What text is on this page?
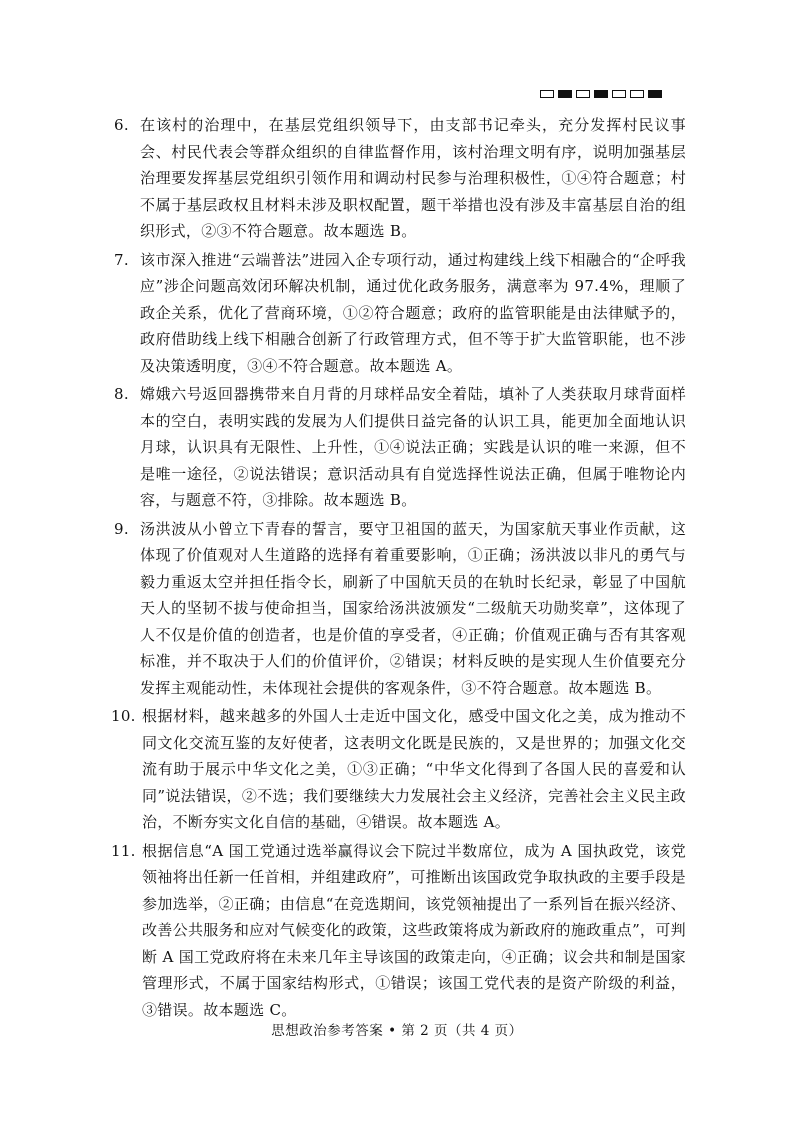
6. 在该村的治理中，在基层党组织领导下，由支部书记牵头，充分发挥村民议事会、村民代表会等群众组织的自律监督作用，该村治理文明有序，说明加强基层治理要发挥基层党组织引领作用和调动村民参与治理积极性，①④符合题意；村不属于基层政权且材料未涉及职权配置，题干举措也没有涉及丰富基层自治的组织形式，②③不符合题意。故本题选 B。
7. 该市深入推进“云端普法”进园入企专项行动，通过构建线上线下相融合的“企呼我应”涉企问题高效闭环解决机制，通过优化政务服务，满意率为 97.4%，理顺了政企关系，优化了营商环境，①②符合题意；政府的监管职能是由法律赋予的，政府借助线上线下相融合创新了行政管理方式，但不等于扩大监管职能，也不涉及决策透明度，③④不符合题意。故本题选 A。
8. 嫦娥六号返回器携带来自月背的月球样品安全着陆，填补了人类获取月球背面样本的空白，表明实践的发展为人们提供日益完备的认识工具，能更加全面地认识月球，认识具有无限性、上升性，①④说法正确；实践是认识的唯一来源，但不是唯一途径，②说法错误；意识活动具有自觉选择性说法正确，但属于唯物论内容，与题意不符，③排除。故本题选 B。
9. 汤洪波从小曾立下青春的誓言，要守卫祖国的蓝天，为国家航天事业作贡献，这体现了价值观对人生道路的选择有着重要影响，①正确；汤洪波以非凡的勇气与毅力重返太空并担任指令长，刷新了中国航天员的在轨时长纪录，彰显了中国航天人的坚韧不拔与使命担当，国家给汤洪波颁发“二级航天功勋奖章”，这体现了人不仅是价值的创造者，也是价值的享受者，④正确；价值观正确与否有其客观标准，并不取决于人们的价值评价，②错误；材料反映的是实现人生价值要充分发挥主观能动性，未体现社会提供的客观条件，③不符合题意。故本题选 B。
10. 根据材料，越来越多的外国人士走近中国文化，感受中国文化之美，成为推动不同文化交流互鉴的友好使者，这表明文化既是民族的，又是世界的；加强文化交流有助于展示中华文化之美，①③正确；“中华文化得到了各国人民的喜爱和认同”说法错误，②不选；我们要继续大力发展社会主义经济，完善社会主义民主政治，不断夯实文化自信的基础，④错误。故本题选 A。
11. 根据信息“A 国工党通过选举赢得议会下院过半数席位，成为 A 国执政党，该党领袖将出任新一任首相，并组建政府”，可推断出该国政党争取执政的主要手段是参加选举，②正确；由信息“在竞选期间，该党领袖提出了一系列旨在振兴经济、改善公共服务和应对气候变化的政策，这些政策将成为新政府的施政重点”，可判断 A 国工党政府将在未来几年主导该国的政策走向，④正确；议会共和制是国家管理形式，不属于国家结构形式，①错误；该国工党代表的是资产阶级的利益，③错误。故本题选 C。
思想政治参考答案 • 第 2 页（共 4 页）
